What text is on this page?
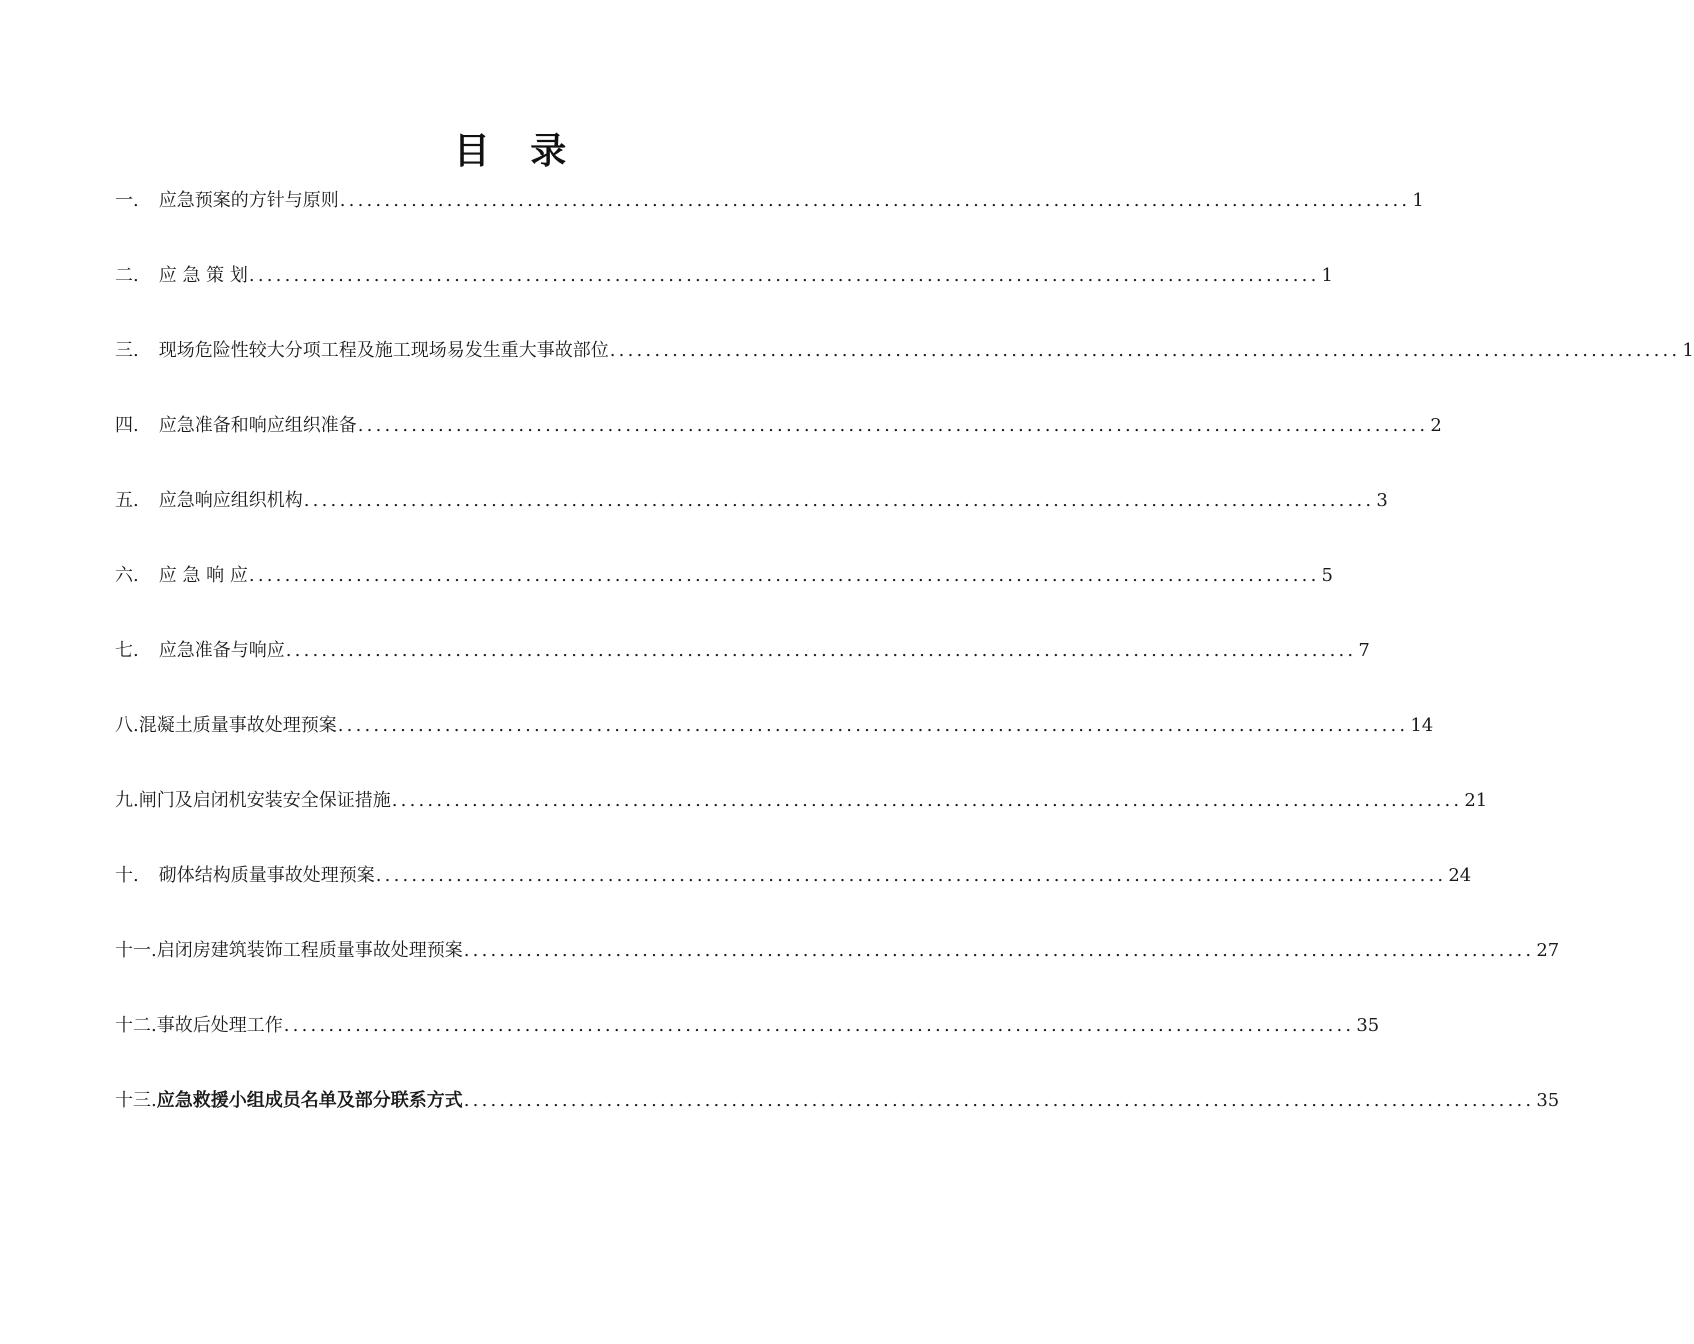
目 录
一. 应急预案的方针与原则 ........................................................................................................................ 1
二. 应 急 策 划 ........................................................................................................................ 1
三. 现场危险性较大分项工程及施工现场易发生重大事故部位 ........................................................................................................................ 1
四. 应急准备和响应组织准备 ........................................................................................................................ 2
五. 应急响应组织机构 ........................................................................................................................ 3
六. 应 急 响 应 ........................................................................................................................ 5
七. 应急准备与响应 ........................................................................................................................ 7
八. 混凝土质量事故处理预案 ........................................................................................................................ 14
九. 闸门及启闭机安装安全保证措施 ........................................................................................................................ 21
十. 砌体结构质量事故处理预案 ........................................................................................................................ 24
十一. 启闭房建筑装饰工程质量事故处理预案 ........................................................................................................................ 27
十二. 事故后处理工作 ........................................................................................................................ 35
十三. 应急救援小组成员名单及部分联系方式 ........................................................................................................................ 35
